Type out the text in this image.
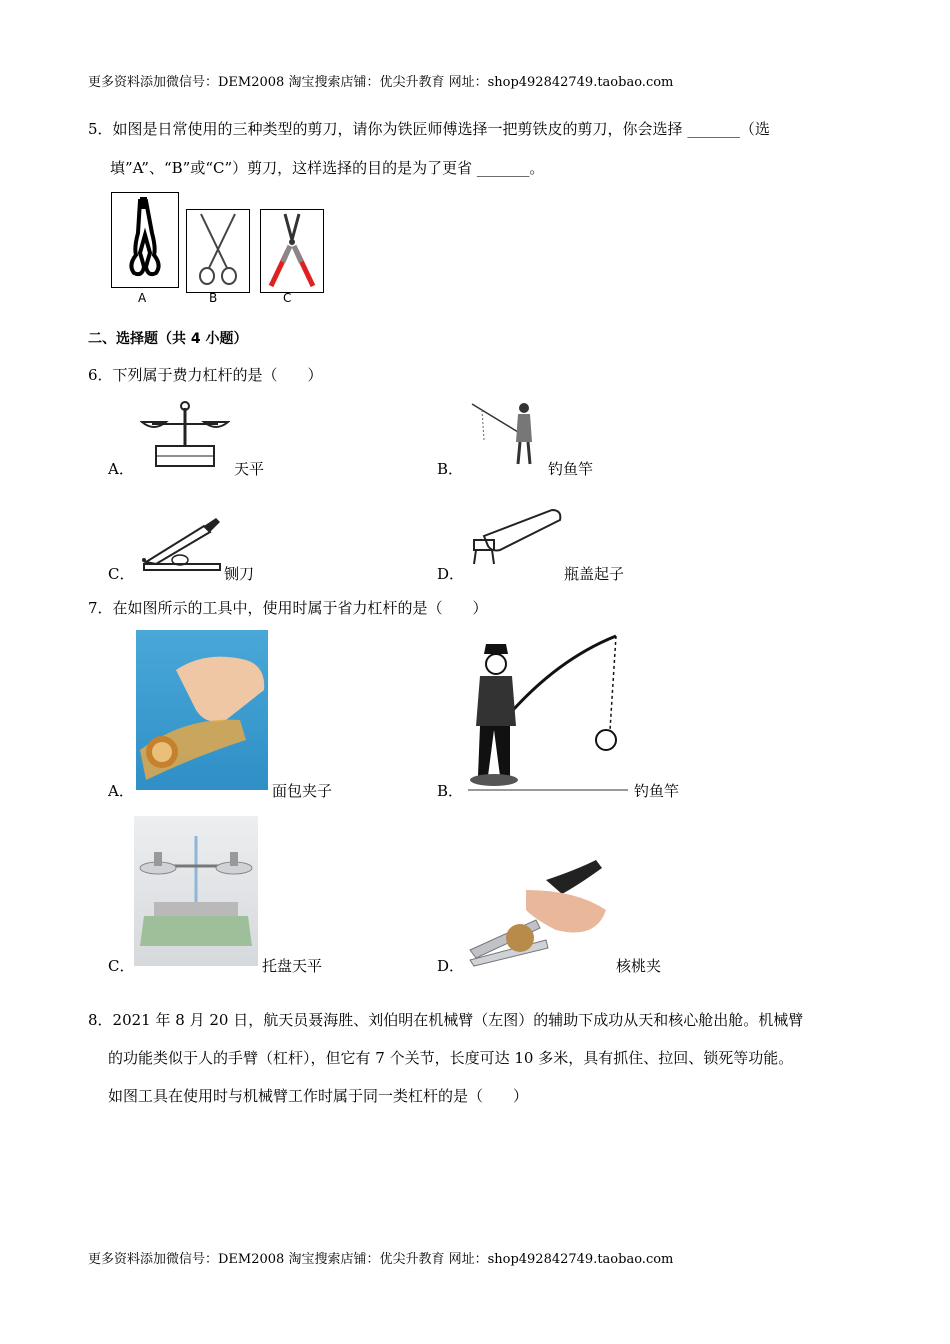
更多资料添加微信号：DEM2008 淘宝搜索店铺：优尖升教育 网址：shop492842749.taobao.com
5．如图是日常使用的三种类型的剪刀，请你为铁匠师傅选择一把剪铁皮的剪刀，你会选择 _______（选
填”A”、“B”或“C”）剪刀，这样选择的目的是为了更省 _______。
A	B	C
二、选择题（共 4 小题）
6．下列属于费力杠杆的是（　　）
A．	天平	B．	钓鱼竿
C．	铡刀	D．	瓶盖起子
7．在如图所示的工具中，使用时属于省力杠杆的是（　　）
A．	面包夹子	B．	钓鱼竿
C．	托盘天平	D．	核桃夹
8．2021 年 8 月 20 日，航天员聂海胜、刘伯明在机械臂（左图）的辅助下成功从天和核心舱出舱。机械臂
的功能类似于人的手臂（杠杆），但它有 7 个关节，长度可达 10 多米，具有抓住、拉回、锁死等功能。
如图工具在使用时与机械臂工作时属于同一类杠杆的是（　　）
更多资料添加微信号：DEM2008 淘宝搜索店铺：优尖升教育 网址：shop492842749.taobao.com
